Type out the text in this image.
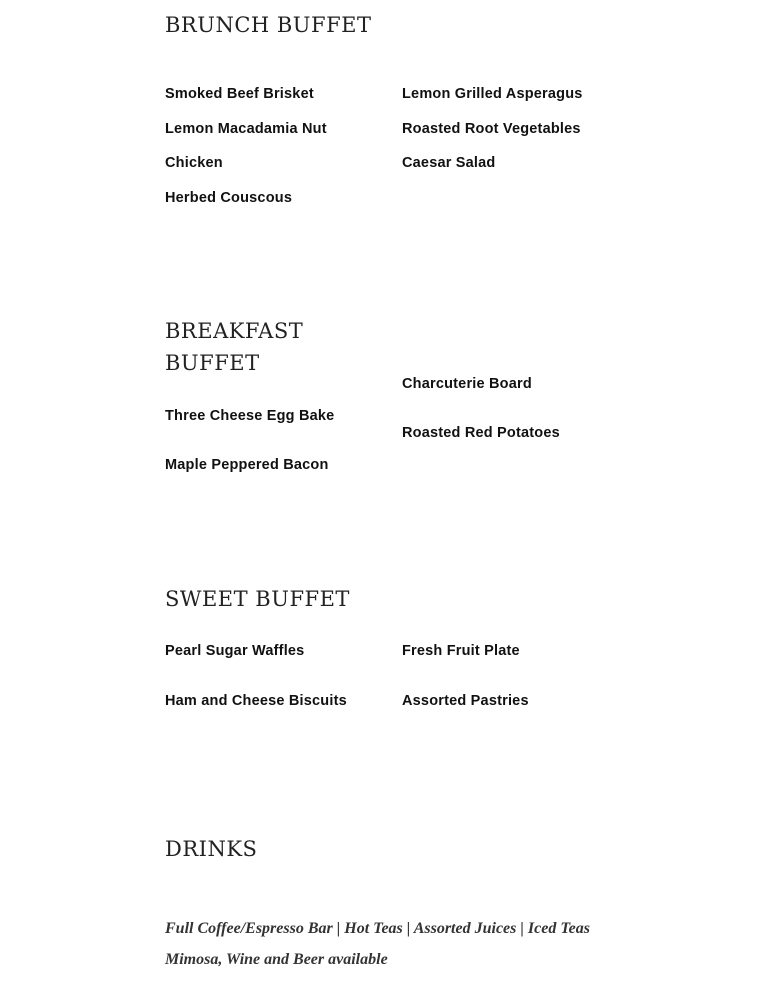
BRUNCH BUFFET

Smoked Beef Brisket

Lemon Macadamia Nut

Chicken

Herbed Couscous

Lemon Grilled Asperagus

Roasted Root Vegetables

Caesar Salad

BREAKFAST
BUFFET

Three Cheese Egg Bake

Maple Peppered Bacon

Charcuterie Board

Roasted Red Potatoes

SWEET BUFFET

Pearl Sugar Waffles

Ham and Cheese Biscuits

Fresh Fruit Plate

Assorted Pastries

DRINKS

Full Coffee/Espresso Bar | Hot Teas | Assorted Juices | Iced Teas

Mimosa, Wine and Beer available
